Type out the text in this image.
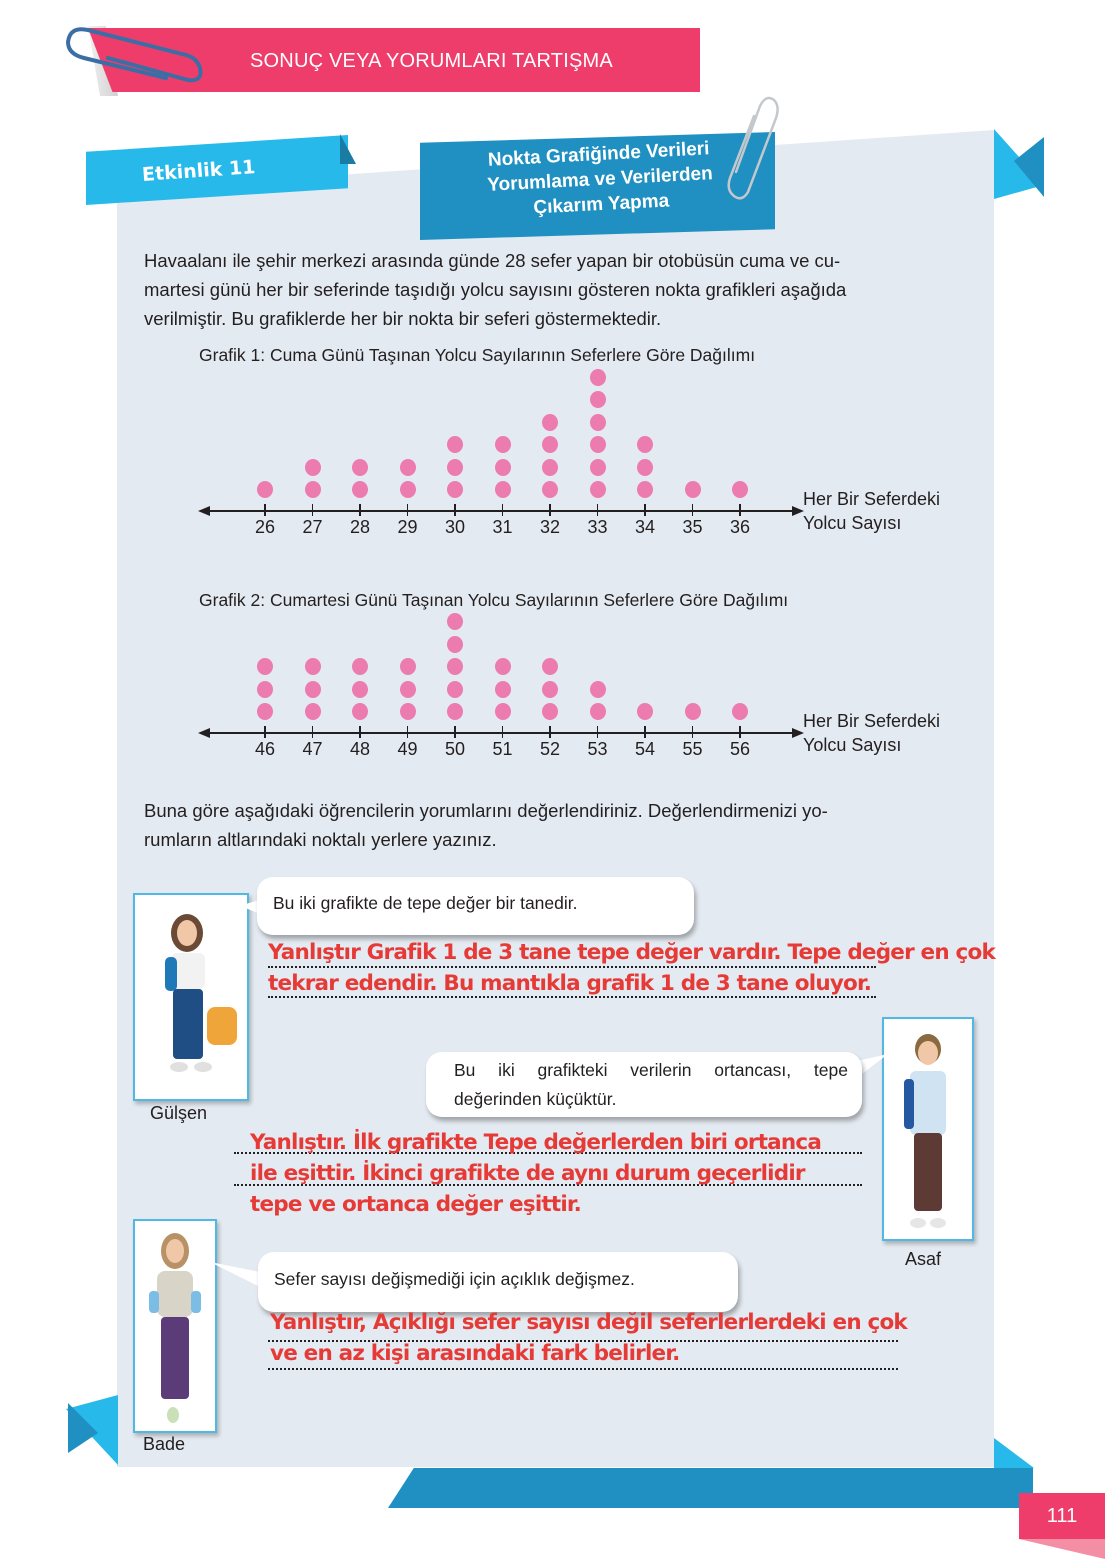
SONUÇ VEYA YORUMLARI TARTIŞMA
Etkinlik 11
Nokta Grafiğinde Verileri
Yorumlama ve Verilerden
Çıkarım Yapma
Havaalanı ile şehir merkezi arasında günde 28 sefer yapan bir otobüsün cuma ve cu-
martesi günü her bir seferinde taşıdığı yolcu sayısını gösteren nokta grafikleri aşağıda
verilmiştir. Bu grafiklerde her bir nokta bir seferi göstermektedir.
Grafik 1: Cuma Günü Taşınan Yolcu Sayılarının Seferlere Göre Dağılımı
26	27	28	29	30	31	32	33	34	35	36
Her Bir Seferdeki
Yolcu Sayısı
Grafik 2: Cumartesi Günü Taşınan Yolcu Sayılarının Seferlere Göre Dağılımı
46	47	48	49	50	51	52	53	54	55	56
Her Bir Seferdeki
Yolcu Sayısı
Buna göre aşağıdaki öğrencilerin yorumlarını değerlendiriniz. Değerlendirmenizi yo-
rumların altlarındaki noktalı yerlere yazınız.
Gülşen
Bu iki grafikte de tepe değer bir tanedir.
Yanlıştır Grafik 1 de 3 tane tepe değer vardır. Tepe değer en çok
tekrar edendir. Bu mantıkla grafik 1 de 3 tane oluyor.
Asaf
Bu iki grafikteki verilerin ortancası, tepe
değerinden küçüktür.
Yanlıştır. İlk grafikte Tepe değerlerden biri ortanca
ile eşittir. İkinci grafikte de aynı durum geçerlidir
tepe ve ortanca değer eşittir.
Bade
Sefer sayısı değişmediği için açıklık değişmez.
Yanlıştır, Açıklığı sefer sayısı değil seferlerlerdeki en çok
ve en az kişi arasındaki fark belirler.
111
